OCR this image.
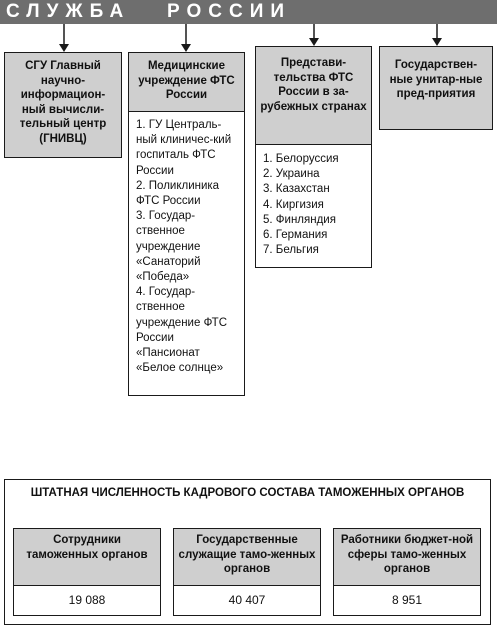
СЛУЖБА   РОССИИ
СГУ Главный научно-информацион-ный вычисли-тельный центр (ГНИВЦ)
Медицинские учреждение ФТС России
1. ГУ Централь-ный клиничес-кий госпиталь ФТС России
2. Поликлиника ФТС России
3. Государ-ственное учреждение «Санаторий «Победа»
4. Государ-ственное учреждение ФТС России «Пансионат «Белое солнце»
Представи-тельства ФТС России в за-рубежных странах
1. Белоруссия
2. Украина
3. Казахстан
4. Киргизия
5. Финляндия
6. Германия
7. Бельгия
Государствен-ные унитар-ные пред-приятия
ШТАТНАЯ ЧИСЛЕННОСТЬ КАДРОВОГО СОСТАВА ТАМОЖЕННЫХ ОРГАНОВ
Сотрудники таможенных органов
19 088
Государственные служащие тамо-женных органов
40 407
Работники бюджет-ной сферы тамо-женных органов
8 951
